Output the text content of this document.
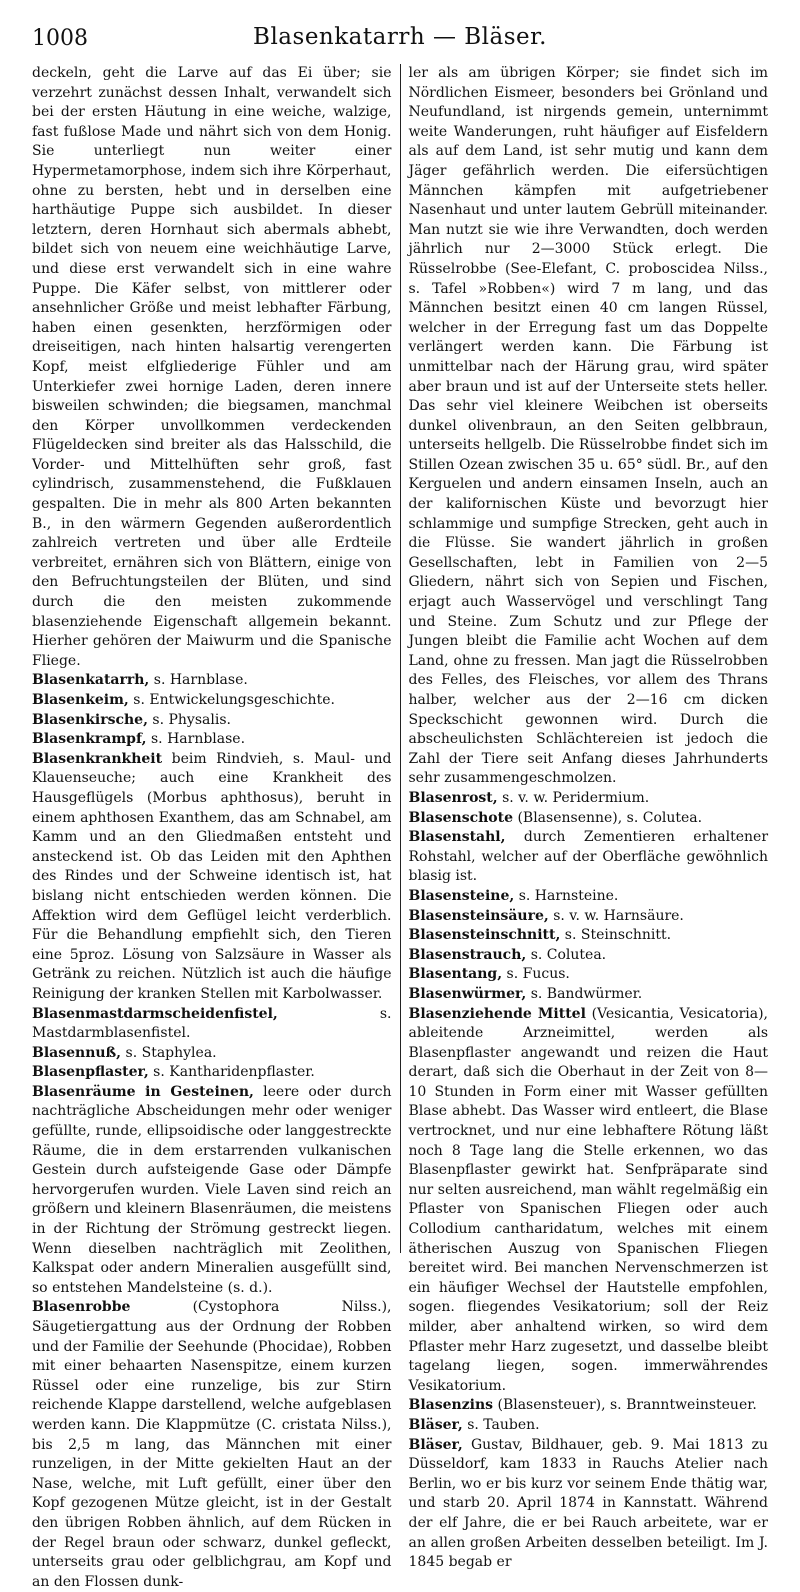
1008	Blasenkatarrh — Bläser.

deckeln, geht die Larve auf das Ei über; sie verzehrt zunächst dessen Inhalt, verwandelt sich bei der ersten Häutung in eine weiche, walzige, fast fußlose Made und nährt sich von dem Honig. Sie unterliegt nun weiter einer Hypermetamorphose, indem sich ihre Körperhaut, ohne zu bersten, hebt und in derselben eine harthäutige Puppe sich ausbildet. In dieser letztern, deren Hornhaut sich abermals abhebt, bildet sich von neuem eine weichhäutige Larve, und diese erst verwandelt sich in eine wahre Puppe. Die Käfer selbst, von mittlerer oder ansehnlicher Größe und meist lebhafter Färbung, haben einen gesenkten, herzförmigen oder dreiseitigen, nach hinten halsartig verengerten Kopf, meist elfgliederige Fühler und am Unterkiefer zwei hornige Laden, deren innere bisweilen schwinden; die biegsamen, manchmal den Körper unvollkommen verdeckenden Flügeldecken sind breiter als das Halsschild, die Vorder- und Mittelhüften sehr groß, fast cylindrisch, zusammenstehend, die Fußklauen gespalten. Die in mehr als 800 Arten bekannten B., in den wärmern Gegenden außerordentlich zahlreich vertreten und über alle Erdteile verbreitet, ernähren sich von Blättern, einige von den Befruchtungsteilen der Blüten, und sind durch die den meisten zukommende blasenziehende Eigenschaft allgemein bekannt. Hierher gehören der Maiwurm und die Spanische Fliege.

Blasenkatarrh, s. Harnblase.

Blasenkeim, s. Entwickelungsgeschichte.

Blasenkirsche, s. Physalis.

Blasenkrampf, s. Harnblase.

Blasenkrankheit beim Rindvieh, s. Maul- und Klauenseuche; auch eine Krankheit des Hausgeflügels (Morbus aphthosus), beruht in einem aphthosen Exanthem, das am Schnabel, am Kamm und an den Gliedmaßen entsteht und ansteckend ist. Ob das Leiden mit den Aphthen des Rindes und der Schweine identisch ist, hat bislang nicht entschieden werden können. Die Affektion wird dem Geflügel leicht verderblich. Für die Behandlung empfiehlt sich, den Tieren eine 5proz. Lösung von Salzsäure in Wasser als Getränk zu reichen. Nützlich ist auch die häufige Reinigung der kranken Stellen mit Karbolwasser.

Blasenmastdarmscheidenfistel,	s. Mastdarmblasenfistel.

Blasennuß, s. Staphylea.

Blasenpflaster, s. Kantharidenpflaster.

Blasenräume in Gesteinen, leere oder durch nachträgliche Abscheidungen mehr oder weniger gefüllte, runde, ellipsoidische oder langgestreckte Räume, die in dem erstarrenden vulkanischen Gestein durch aufsteigende Gase oder Dämpfe hervorgerufen wurden. Viele Laven sind reich an größern und kleinern Blasenräumen, die meistens in der Richtung der Strömung gestreckt liegen. Wenn dieselben nachträglich mit Zeolithen, Kalkspat oder andern Mineralien ausgefüllt sind, so entstehen Mandelsteine (s. d.).

Blasenrobbe	(Cystophora Nilss.), Säugetiergattung aus der Ordnung der Robben und der Familie der Seehunde (Phocidae), Robben mit einer behaarten Nasenspitze, einem kurzen Rüssel oder eine runzelige, bis zur Stirn reichende Klappe darstellend, welche aufgeblasen werden kann. Die Klappmütze (C. cristata Nilss.), bis 2,5 m lang, das Männchen mit einer runzeligen, in der Mitte gekielten Haut an der Nase, welche, mit Luft gefüllt, einer über den Kopf gezogenen Mütze gleicht, ist in der Gestalt den übrigen Robben ähnlich, auf dem Rücken in der Regel braun oder schwarz, dunkel gefleckt, unterseits grau oder gelblichgrau, am Kopf und an den Flossen dunk-

ler als am übrigen Körper; sie findet sich im Nördlichen Eismeer, besonders bei Grönland und Neufundland, ist nirgends gemein, unternimmt weite Wanderungen, ruht häufiger auf Eisfeldern als auf dem Land, ist sehr mutig und kann dem Jäger gefährlich werden. Die eifersüchtigen Männchen kämpfen mit aufgetriebener Nasenhaut und unter lautem Gebrüll miteinander. Man nutzt sie wie ihre Verwandten, doch werden jährlich nur 2—3000 Stück erlegt. Die Rüsselrobbe (See-Elefant, C. proboscidea Nilss., s. Tafel »Robben«) wird 7 m lang, und das Männchen besitzt einen 40 cm langen Rüssel, welcher in der Erregung fast um das Doppelte verlängert werden kann. Die Färbung ist unmittelbar nach der Härung grau, wird später aber braun und ist auf der Unterseite stets heller. Das sehr viel kleinere Weibchen ist oberseits dunkel olivenbraun, an den Seiten gelbbraun, unterseits hellgelb. Die Rüsselrobbe findet sich im Stillen Ozean zwischen 35 u. 65° südl. Br., auf den Kerguelen und andern einsamen Inseln, auch an der kalifornischen Küste und bevorzugt hier schlammige und sumpfige Strecken, geht auch in die Flüsse. Sie wandert jährlich in großen Gesellschaften, lebt in Familien von 2—5 Gliedern, nährt sich von Sepien und Fischen, erjagt auch Wasservögel und verschlingt Tang und Steine. Zum Schutz und zur Pflege der Jungen bleibt die Familie acht Wochen auf dem Land, ohne zu fressen. Man jagt die Rüsselrobben des Felles, des Fleisches, vor allem des Thrans halber, welcher aus der 2—16 cm dicken Speckschicht gewonnen wird. Durch die abscheulichsten Schlächtereien ist jedoch die Zahl der Tiere seit Anfang dieses Jahrhunderts sehr zusammengeschmolzen.

Blasenrost, s. v. w. Peridermium.

Blasenschote (Blasensenne), s. Colutea.

Blasenstahl, durch Zementieren erhaltener Rohstahl, welcher auf der Oberfläche gewöhnlich blasig ist.

Blasensteine, s. Harnsteine.

Blasensteinsäure, s. v. w. Harnsäure.

Blasensteinschnitt, s. Steinschnitt.

Blasenstrauch, s. Colutea.

Blasentang, s. Fucus.

Blasenwürmer, s. Bandwürmer.

Blasenziehende Mittel (Vesicantia, Vesicatoria), ableitende Arzneimittel, werden als Blasenpflaster angewandt und reizen die Haut derart, daß sich die Oberhaut in der Zeit von 8—10 Stunden in Form einer mit Wasser gefüllten Blase abhebt. Das Wasser wird entleert, die Blase vertrocknet, und nur eine lebhaftere Rötung läßt noch 8 Tage lang die Stelle erkennen, wo das Blasenpflaster gewirkt hat. Senfpräparate sind nur selten ausreichend, man wählt regelmäßig ein Pflaster von Spanischen Fliegen oder auch Collodium cantharidatum, welches mit einem ätherischen Auszug von Spanischen Fliegen bereitet wird. Bei manchen Nervenschmerzen ist ein häufiger Wechsel der Hautstelle empfohlen, sogen. fliegendes Vesikatorium; soll der Reiz milder, aber anhaltend wirken, so wird dem Pflaster mehr Harz zugesetzt, und dasselbe bleibt tagelang liegen, sogen. immerwährendes Vesikatorium.

Blasenzins (Blasensteuer), s. Branntweinsteuer.

Bläser, s. Tauben.

Bläser, Gustav, Bildhauer, geb. 9. Mai 1813 zu Düsseldorf, kam 1833 in Rauchs Atelier nach Berlin, wo er bis kurz vor seinem Ende thätig war, und starb 20. April 1874 in Kannstatt. Während der elf Jahre, die er bei Rauch arbeitete, war er an allen großen Arbeiten desselben beteiligt. Im J. 1845 begab er
